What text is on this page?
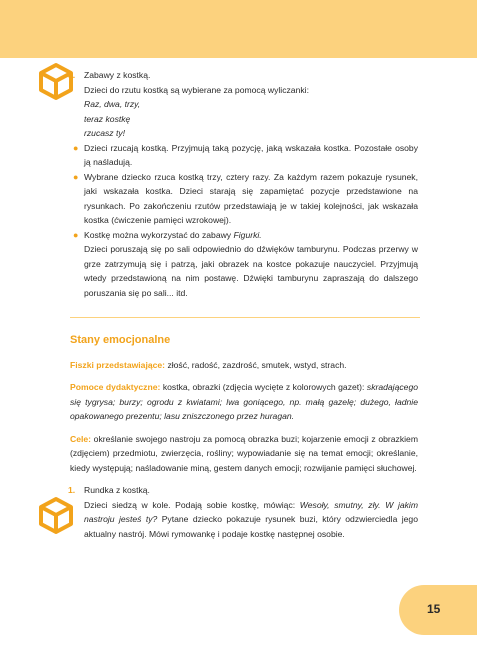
3. Zabawy z kostką.

Dzieci do rzutu kostką są wybierane za pomocą wyliczanki:

Raz, dwa, trzy,

teraz kostkę

rzucasz ty!

● Dzieci rzucają kostką. Przyjmują taką pozycję, jaką wskazała kostka. Pozostałe osoby ją naśladują.

● Wybrane dziecko rzuca kostką trzy, cztery razy. Za każdym razem pokazuje rysunek, jaki wskazała kostka. Dzieci starają się zapamiętać pozycje przedstawione na rysunkach. Po zakończeniu rzutów przedstawiają je w takiej kolejności, jak wskazała kostka (ćwiczenie pamięci wzrokowej).

● Kostkę można wykorzystać do zabawy Figurki.

Dzieci poruszają się po sali odpowiednio do dźwięków tamburynu. Podczas przerwy w grze zatrzymują się i patrzą, jaki obrazek na kostce pokazuje nauczyciel. Przyjmują wtedy przedstawioną na nim postawę. Dźwięki tamburynu zapraszają do dalszego poruszania się po sali... itd.

Stany emocjonalne

Fiszki przedstawiające: złość, radość, zazdrość, smutek, wstyd, strach.

Pomoce dydaktyczne: kostka, obrazki (zdjęcia wycięte z kolorowych gazet): skradającego się tygrysa; burzy; ogrodu z kwiatami; lwa goniącego, np. małą gazelę; dużego, ładnie opakowanego prezentu; lasu zniszczonego przez huragan.

Cele: określanie swojego nastroju za pomocą obrazka buzi; kojarzenie emocji z obrazkiem (zdjęciem) przedmiotu, zwierzęcia, rośliny; wypowiadanie się na temat emocji; określanie, kiedy występują; naśladowanie miną, gestem danych emocji; rozwijanie pamięci słuchowej.

1. Rundka z kostką.

Dzieci siedzą w kole. Podają sobie kostkę, mówiąc: Wesoły, smutny, zły. W jakim nastroju jesteś ty? Pytane dziecko pokazuje rysunek buzi, który odzwierciedla jego aktualny nastrój. Mówi rymowankę i podaje kostkę następnej osobie.

15
